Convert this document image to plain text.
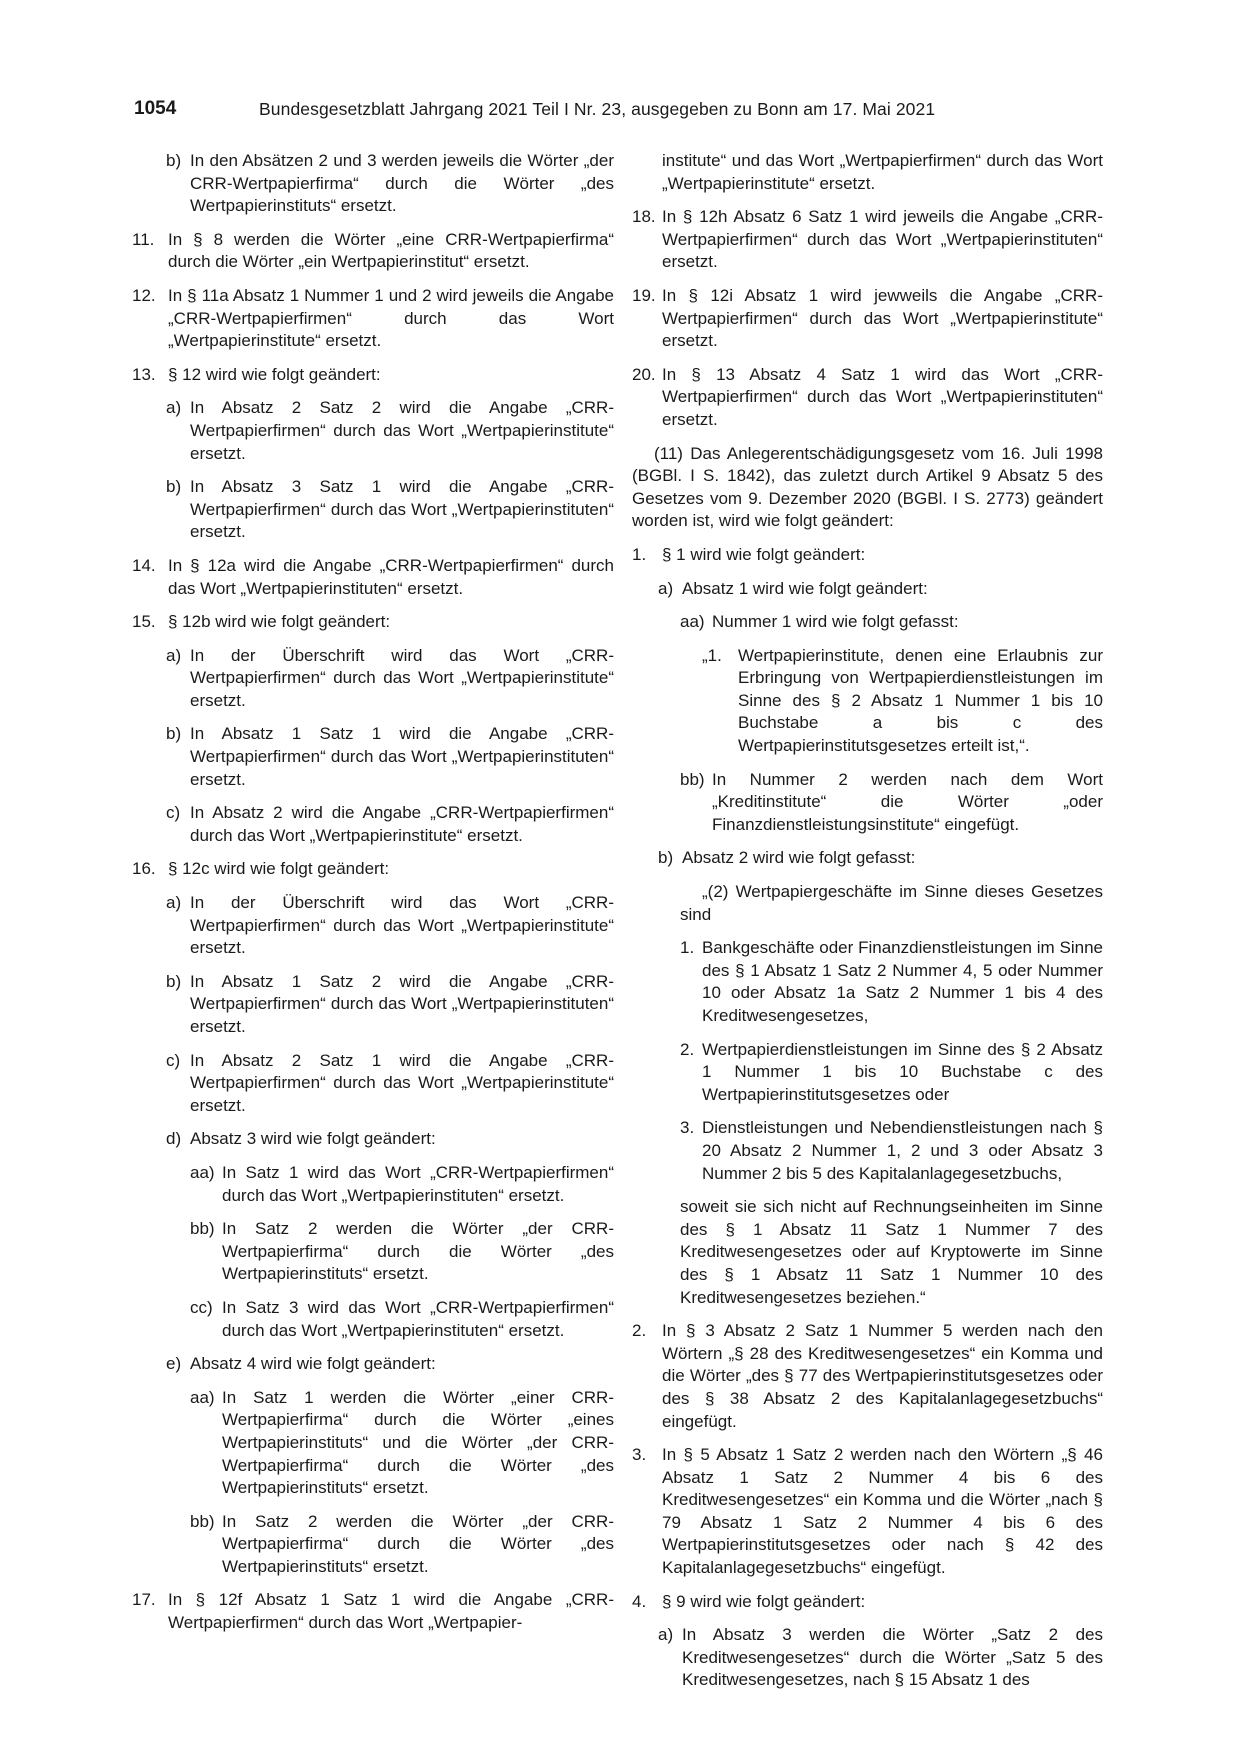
1054	Bundesgesetzblatt Jahrgang 2021 Teil I Nr. 23, ausgegeben zu Bonn am 17. Mai 2021
b) In den Absätzen 2 und 3 werden jeweils die Wörter „der CRR-Wertpapierfirma“ durch die Wörter „des Wertpapierinstituts“ ersetzt.
11. In § 8 werden die Wörter „eine CRR-Wertpapierfirma“ durch die Wörter „ein Wertpapierinstitut“ ersetzt.
12. In § 11a Absatz 1 Nummer 1 und 2 wird jeweils die Angabe „CRR-Wertpapierfirmen“ durch das Wort „Wertpapierinstitute“ ersetzt.
13. § 12 wird wie folgt geändert:
a) In Absatz 2 Satz 2 wird die Angabe „CRR-Wertpapierfirmen“ durch das Wort „Wertpapierinstitute“ ersetzt.
b) In Absatz 3 Satz 1 wird die Angabe „CRR-Wertpapierfirmen“ durch das Wort „Wertpapierinstituten“ ersetzt.
14. In § 12a wird die Angabe „CRR-Wertpapierfirmen“ durch das Wort „Wertpapierinstituten“ ersetzt.
15. § 12b wird wie folgt geändert:
a) In der Überschrift wird das Wort „CRR-Wertpapierfirmen“ durch das Wort „Wertpapierinstitute“ ersetzt.
b) In Absatz 1 Satz 1 wird die Angabe „CRR-Wertpapierfirmen“ durch das Wort „Wertpapierinstituten“ ersetzt.
c) In Absatz 2 wird die Angabe „CRR-Wertpapierfirmen“ durch das Wort „Wertpapierinstitute“ ersetzt.
16. § 12c wird wie folgt geändert:
a) In der Überschrift wird das Wort „CRR-Wertpapierfirmen“ durch das Wort „Wertpapierinstitute“ ersetzt.
b) In Absatz 1 Satz 2 wird die Angabe „CRR-Wertpapierfirmen“ durch das Wort „Wertpapierinstituten“ ersetzt.
c) In Absatz 2 Satz 1 wird die Angabe „CRR-Wertpapierfirmen“ durch das Wort „Wertpapierinstitute“ ersetzt.
d) Absatz 3 wird wie folgt geändert:
aa) In Satz 1 wird das Wort „CRR-Wertpapierfirmen“ durch das Wort „Wertpapierinstituten“ ersetzt.
bb) In Satz 2 werden die Wörter „der CRR-Wertpapierfirma“ durch die Wörter „des Wertpapierinstituts“ ersetzt.
cc) In Satz 3 wird das Wort „CRR-Wertpapierfirmen“ durch das Wort „Wertpapierinstituten“ ersetzt.
e) Absatz 4 wird wie folgt geändert:
aa) In Satz 1 werden die Wörter „einer CRR-Wertpapierfirma“ durch die Wörter „eines Wertpapierinstituts“ und die Wörter „der CRR-Wertpapierfirma“ durch die Wörter „des Wertpapierinstituts“ ersetzt.
bb) In Satz 2 werden die Wörter „der CRR-Wertpapierfirma“ durch die Wörter „des Wertpapierinstituts“ ersetzt.
17. In § 12f Absatz 1 Satz 1 wird die Angabe „CRR-Wertpapierfirmen“ durch das Wort „Wertpapier-
institute“ und das Wort „Wertpapierfirmen“ durch das Wort „Wertpapierinstitute“ ersetzt.
18. In § 12h Absatz 6 Satz 1 wird jeweils die Angabe „CRR-Wertpapierfirmen“ durch das Wort „Wertpapierinstituten“ ersetzt.
19. In § 12i Absatz 1 wird jewweils die Angabe „CRR-Wertpapierfirmen“ durch das Wort „Wertpapierinstitute“ ersetzt.
20. In § 13 Absatz 4 Satz 1 wird das Wort „CRR-Wertpapierfirmen“ durch das Wort „Wertpapierinstituten“ ersetzt.
(11) Das Anlegerentschädigungsgesetz vom 16. Juli 1998 (BGBl. I S. 1842), das zuletzt durch Artikel 9 Absatz 5 des Gesetzes vom 9. Dezember 2020 (BGBl. I S. 2773) geändert worden ist, wird wie folgt geändert:
1. § 1 wird wie folgt geändert:
a) Absatz 1 wird wie folgt geändert:
aa) Nummer 1 wird wie folgt gefasst:
„1. Wertpapierinstitute, denen eine Erlaubnis zur Erbringung von Wertpapierdienstleistungen im Sinne des § 2 Absatz 1 Nummer 1 bis 10 Buchstabe a bis c des Wertpapierinstitutsgesetzes erteilt ist,“.
bb) In Nummer 2 werden nach dem Wort „Kreditinstitute“ die Wörter „oder Finanzdienstleistungsinstitute“ eingefügt.
b) Absatz 2 wird wie folgt gefasst:
„(2) Wertpapiergeschäfte im Sinne dieses Gesetzes sind
1. Bankgeschäfte oder Finanzdienstleistungen im Sinne des § 1 Absatz 1 Satz 2 Nummer 4, 5 oder Nummer 10 oder Absatz 1a Satz 2 Nummer 1 bis 4 des Kreditwesengesetzes,
2. Wertpapierdienstleistungen im Sinne des § 2 Absatz 1 Nummer 1 bis 10 Buchstabe c des Wertpapierinstitutsgesetzes oder
3. Dienstleistungen und Nebendienstleistungen nach § 20 Absatz 2 Nummer 1, 2 und 3 oder Absatz 3 Nummer 2 bis 5 des Kapitalanlagegesetzbuchs,
soweit sie sich nicht auf Rechnungseinheiten im Sinne des § 1 Absatz 11 Satz 1 Nummer 7 des Kreditwesengesetzes oder auf Kryptowerte im Sinne des § 1 Absatz 11 Satz 1 Nummer 10 des Kreditwesengesetzes beziehen.“
2. In § 3 Absatz 2 Satz 1 Nummer 5 werden nach den Wörtern „§ 28 des Kreditwesengesetzes“ ein Komma und die Wörter „des § 77 des Wertpapierinstitutsgesetzes oder des § 38 Absatz 2 des Kapitalanlagegesetzbuchs“ eingefügt.
3. In § 5 Absatz 1 Satz 2 werden nach den Wörtern „§ 46 Absatz 1 Satz 2 Nummer 4 bis 6 des Kreditwesengesetzes“ ein Komma und die Wörter „nach § 79 Absatz 1 Satz 2 Nummer 4 bis 6 des Wertpapierinstitutsgesetzes oder nach § 42 des Kapitalanlagegesetzbuchs“ eingefügt.
4. § 9 wird wie folgt geändert:
a) In Absatz 3 werden die Wörter „Satz 2 des Kreditwesengesetzes“ durch die Wörter „Satz 5 des Kreditwesengesetzes, nach § 15 Absatz 1 des
